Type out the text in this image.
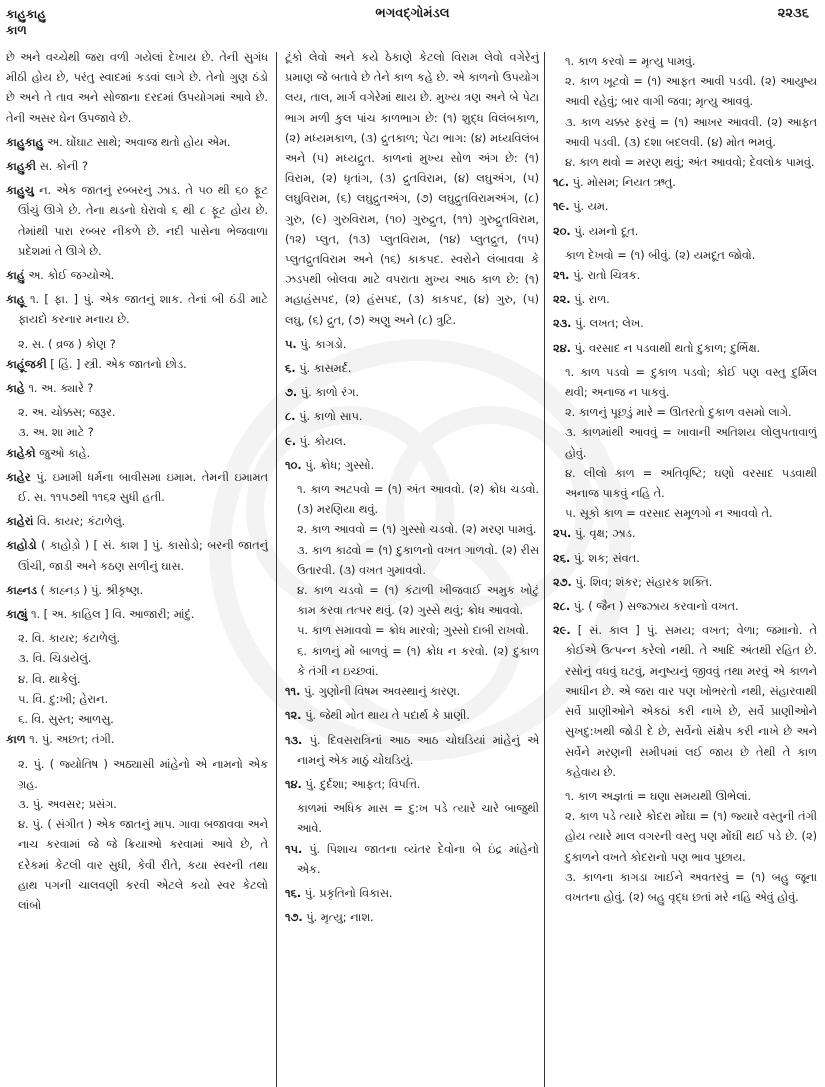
કાહુકાહુ
કાળ
ભગવદ્ગોમંડલ	૨૨૩૬
છે અને વચ્ચેથી જરા વળી ગયેલાં દેખાય છે. તેની સુગંધ મીઠી હોય છે, પરંતુ સ્વાદમાં કડવાં લાગે છે. તેનો ગુણ ઠંડો છે અને તે તાવ અને સોજાના દરદમાં ઉપયોગમાં આવે છે. તેની અસર ઘેન ઉપજાવે છે.
કાહુકાહુ અ. ઘોંઘાટ સાથે; અવાજ થતો હોય એમ.
કાહુકી સ. કોની ?
કાહુચુ ન. એક જાતનું રબ્બરનું ઝાડ. તે ૫૦ થી ૬૦ ફૂટ ઊંચું ઊગે છે. તેના થડનો ઘેરાવો ૬ થી ૮ ફૂટ હોય છે. તેમાંથી પારા રબ્બર નીકળે છે. નદી પાસેના ભેજવાળા પ્રદેશમાં તે ઊગે છે.
કાહું અ. કોઈ જગ્યોએ.
કાહૂ ૧. [ ફા. ] પું. એક જાતનું શાક. તેનાં બી ઠંડી માટે ફાયદો કરનાર મનાય છે.
૨. સ. ( વ્રજ ) કોણ ?
કાહૂંજકી [ હિં. ] સ્ત્રી. એક જાતનો છોડ.
કાહે ૧. અ. ક્યારે ?
૨. અ. ચોક્કસ; જરૂર.
૩. અ. શા માટે ?
કાહેકો જુઓ કાહે.
કાહેર પું. ઇમામી ધર્મના બાવીસમા ઇમામ. તેમની ઇમામત ઈ. સ. ૧૧૫૭થી ૧૧૬૨ સુધી હતી.
કાહેરાં વિ. કાયર; કંટાળેલું.
કાહોડો ( કાહોડ઼ો ) [ સં. કાશ ] પું. કાસોડો; બરની જાતનું ઊંચી, જાડી અને કઠણ સળીનું ઘાસ.
કાહ્નડ ( કાહ્નડ઼ ) પું. શ્રીકૃષ્ણ.
કાહ્યું ૧. [ અ. કાહિલ ] વિ. આજારી; માંદું.
૨. વિ. કાયર; કંટાળેલું.
૩. વિ. ચિડાયેલું.
૪. વિ. થાકેલું.
૫. વિ. દુ:ખી; હેરાન.
૬. વિ. સુસ્ત; આળસુ.
કાળ ૧. પું. અછત; તંગી.
૨. પું. ( જ્યોતિષ ) અઠ્યાસી માંહેનો એ નામનો એક ગ્રહ.
૩. પું. અવસર; પ્રસંગ.
૪. પું. ( સંગીત ) એક જાતનું માપ. ગાવા બજાવવા અને નાચ કરવામાં જે જે ક્રિયાઓ કરવામાં આવે છે, તે દરેકમાં કેટલી વાર સુધી, કેવી રીતે, કયા સ્વરની તથા હાથ પગની ચાલવણી કરવી એટલે કયો સ્વર કેટલો લાંબો
ટૂંકો લેવો અને કયે ઠેકાણે કેટલો વિરામ લેવો વગેરેનું પ્રમાણ જે બતાવે છે તેને કાળ કહે છે. એ કાળનો ઉપયોગ લય, તાલ, માર્ગ વગેરેમાં થાય છે. મુખ્ય ત્રણ અને બે પેટા ભાગ મળી કુલ પાંચ કાળભાગ છે: (૧) શુદ્ધ વિલંબકાળ, (૨) મધ્યમકાળ, (૩) દ્રુતકાળ; પેટા ભાગ: (૪) મધ્યવિલંબ અને (૫) મધ્યદ્રુત. કાળનાં મુખ્ય સોળ અંગ છે: (૧) વિરામ, (૨) ધૃતાંગ, (૩) દ્રુતવિરામ, (૪) લઘુઅંગ, (૫) લઘુવિરામ, (૬) લઘુદ્રુતઅંગ, (૭) લઘુદ્રુતવિરામઅંગ, (૮) ગુરુ, (૯) ગુરુવિરામ, (૧૦) ગુરુદ્રુત, (૧૧) ગુરુદ્રુતવિરામ, (૧૨) પ્લુત, (૧૩) પ્લુતવિરામ, (૧૪) પ્લુતદ્રુત, (૧૫) પ્લુતદ્રુતવિરામ અને (૧૬) કાકપદ. સ્વરોને લંબાવવા કે ઝડપથી બોલવા માટે વપરાતા મુખ્ય આઠ કાળ છે: (૧) મહાહંસપદ, (૨) હંસપદ, (૩) કાકપદ, (૪) ગુરુ, (૫) લઘુ, (૬) દ્રુત, (૭) અણુ અને (૮) ત્રુટિ.
૫. પું. કાગડો.
૬. પું. કાસમર્દ.
૭. પું. કાળો રંગ.
૮. પું. કાળો સાપ.
૯. પું. કોયલ.
૧૦. પું. ક્રોધ; ગુસ્સો.
૧. કાળ અટપવો = (૧) અંત આવવો. (૨) ક્રોધ ચડવો. (૩) મરણિયા થવું.
૨. કાળ આવવો = (૧) ગુસ્સો ચડવો. (૨) મરણ પામવું.
૩. કાળ કાઢવો = (૧) દુકાળનો વખત ગાળવો. (૨) રીસ ઉતારવી. (૩) વખત ગુમાવવો.
૪. કાળ ચડવો = (૧) કંટાળી ખીજવાઈ અમુક ખોટું કામ કરવા તત્પર થવું. (૨) ગુસ્સે થવું; ક્રોધ આવવો.
૫. કાળ સમાવવો = ક્રોધ મારવો; ગુસ્સો દાબી રાખવો.
૬. કાળનું મોં બાળવું = (૧) ક્રોધ ન કરવો. (૨) દુકાળ કે તંગી ન ઇચ્છવાં.
૧૧. પું. ગુણોની વિષમ અવસ્થાનું કારણ.
૧૨. પું. જેથી મોત થાય તે પદાર્થ કે પ્રાણી.
૧૩. પું. દિવસરાત્રિનાં આઠ આઠ ચોઘડિયાં માંહેનું એ નામનું એક માઠું ચોઘડિયું.
૧૪. પું. દુર્દશા; આફત; વિપત્તિ.
કાળમાં અધિક માસ = દુ:ખ પડે ત્યારે ચારે બાજુથી આવે.
૧૫. પું. પિશાચ જાતના વ્યંતર દેવોના બે ઇંદ્ર માંહેનો એક.
૧૬. પું. પ્રકૃતિનો વિકાસ.
૧૭. પું. મૃત્યુ; નાશ.
૧. કાળ કરવો = મૃત્યુ પામવું.
૨. કાળ ખૂટવો = (૧) આફત આવી પડવી. (૨) આયુષ્ય આવી રહેવું; બાર વાગી જવા; મૃત્યુ આવવું.
૩. કાળ ચક્કર ફરવું = (૧) આખર આવવી. (૨) આફત આવી પડવી. (૩) દશા બદલવી. (૪) મોત ભમવું.
૪. કાળ થવો = મરણ થવું; અંત આવવો; દેવલોક પામવું.
૧૮. પું. મોસમ; નિયત ઋતુ.
૧૯. પું. યમ.
૨૦. પું. યમનો દૂત.
કાળ દેખવો = (૧) બીવું. (૨) યમદૂત જોવો.
૨૧. પું. રાતો ચિત્રક.
૨૨. પું. રાળ.
૨૩. પું. લખત; લેખ.
૨૪. પું. વરસાદ ન પડવાથી થતો દુકાળ; દુર્ભિક્ષ.
૧. કાળ પડવો = દુકાળ પડવો; કોઈ પણ વસ્તુ દુર્મિલ થવી; અનાજ ન પાકવું.
૨. કાળનું પૂછડું મારે = ઊતરતો દુકાળ વસમો લાગે.
૩. કાળમાંથી આવવું = ખાવાની અતિશય લોલુપતાવાળું હોવું.
૪. લીલો કાળ = અતિવૃષ્ટિ; ઘણો વરસાદ પડવાથી અનાજ પાકવું નહિ તે.
૫. સૂકો કાળ = વરસાદ સમૂળગો ન આવવો તે.
૨૫. પું. વૃક્ષ; ઝાડ.
૨૬. પું. શક; સંવત.
૨૭. પું. શિવ; શંકર; સંહારક શક્તિ.
૨૮. પું. ( જૈન ) સજ્ઝાય કરવાનો વખત.
૨૯. [ સં. કાલ ] પું. સમય; વખત; વેળા; જમાનો. તે કોઈએ ઉત્પન્ન કરેલો નથી. તે આદિ અંતથી રહિત છે. રસોનું વધવું ઘટવું, મનુષ્યનું જીવવું તથા મરવું એ કાળને આધીન છે. એ જરા વાર પણ ખોભરતો નથી, સંહારવાથી સર્વે પ્રાણીઓને એકઠાં કરી નાખે છે, સર્વે પ્રાણીઓને સુખદુ:ખથી જોડી દે છે, સર્વેનો સંક્ષેપ કરી નાખે છે અને સર્વેને મરણની સમીપમાં લઈ જાય છે તેથી તે કાળ કહેવાય છે.
૧. કાળ અજ્ઞતાં = ઘણા સમયથી ઊભેલાં.
૨. કાળ પડે ત્યારે કોદરા મોંઘા = (૧) જ્યારે વસ્તુની તંગી હોય ત્યારે માલ વગરની વસ્તુ પણ મોંઘી થઈ પડે છે. (૨) દુકાળને વખતે કોદરાનો પણ ભાવ પુછાય.
૩. કાળના કાગડા ખાઈને અવતરવું = (૧) બહુ જૂના વખતના હોવું. (૨) બહુ વૃદ્ધ છતાં મરે નહિ એવું હોવું.
